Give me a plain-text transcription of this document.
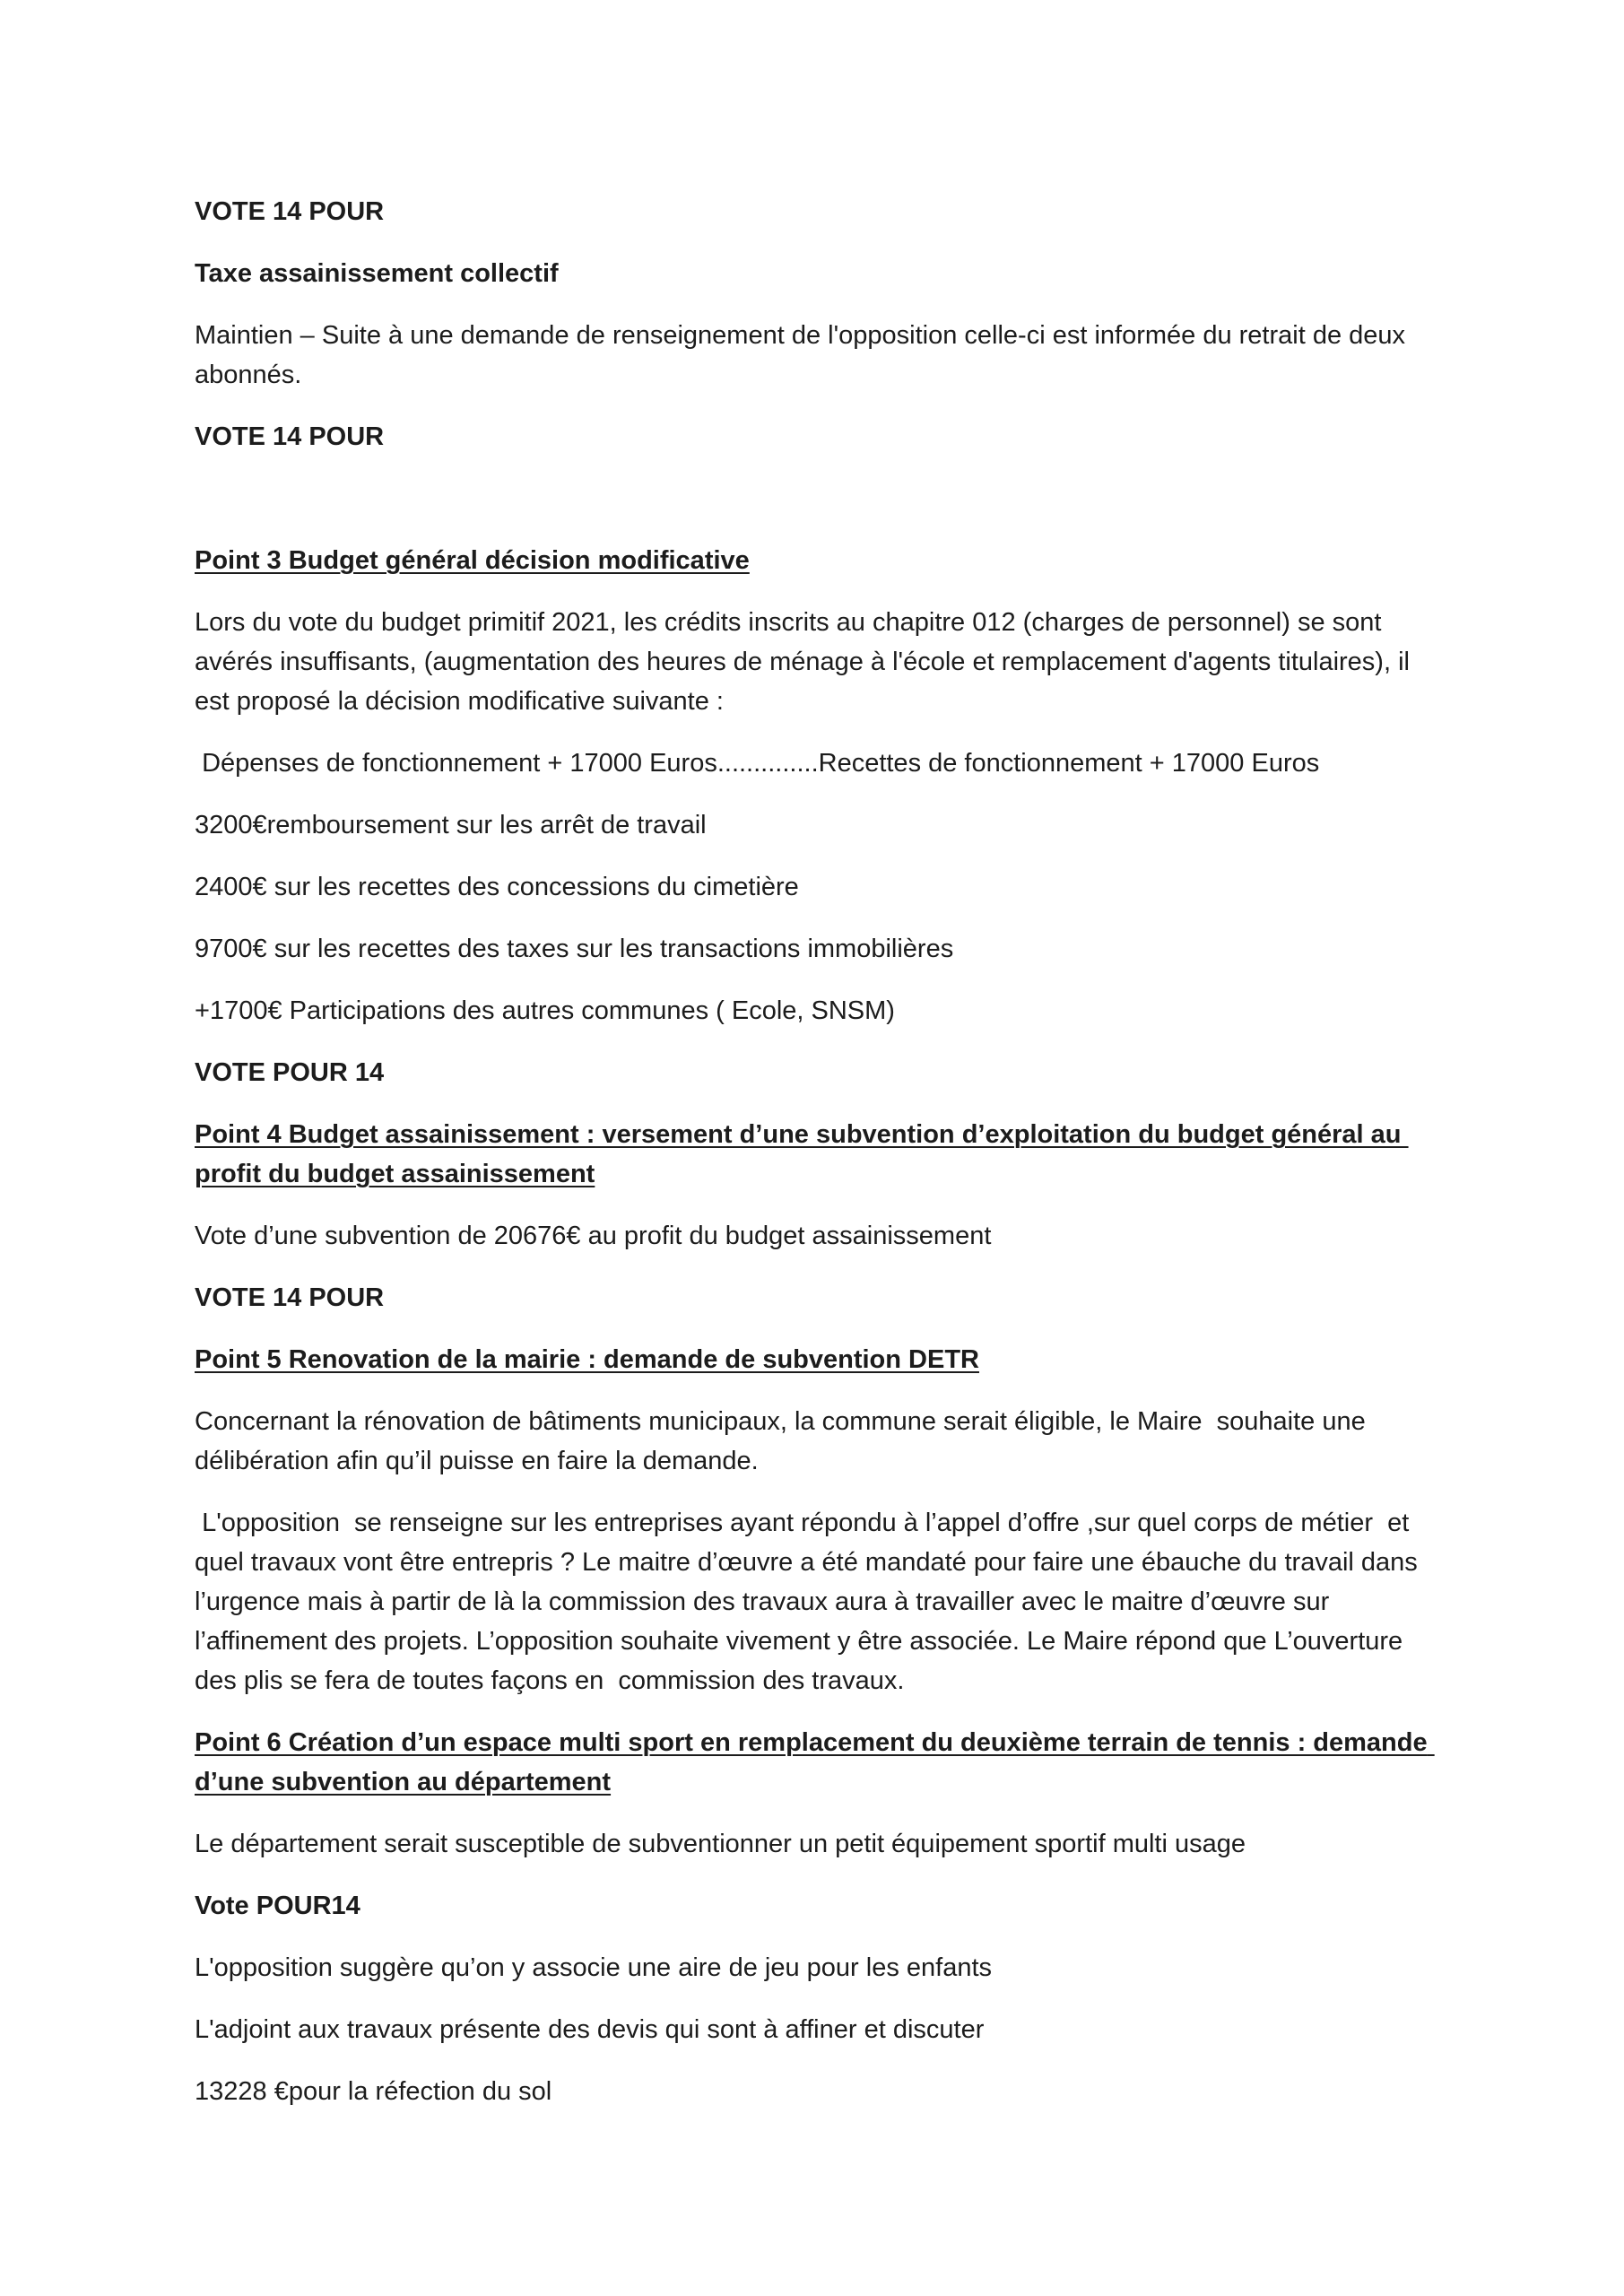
VOTE 14 POUR

Taxe assainissement collectif

Maintien – Suite à une demande de renseignement de l'opposition celle-ci est informée du retrait de deux abonnés.

VOTE 14 POUR

Point 3 Budget général décision modificative

Lors du vote du budget primitif 2021, les crédits inscrits au chapitre 012 (charges de personnel) se sont avérés insuffisants, (augmentation des heures de ménage à l'école et remplacement d'agents titulaires), il est proposé la décision modificative suivante :

Dépenses de fonctionnement + 17000 Euros..............Recettes de fonctionnement + 17000 Euros

3200€remboursement sur les arrêt de travail

2400€ sur les recettes des concessions du cimetière

9700€ sur les recettes des taxes sur les transactions immobilières

+1700€ Participations des autres communes ( Ecole, SNSM)

VOTE POUR 14

Point 4 Budget assainissement : versement d’une subvention d’exploitation du budget général au profit du budget assainissement

Vote d’une subvention de 20676€ au profit du budget assainissement

VOTE 14 POUR

Point 5 Renovation de la mairie : demande de subvention DETR

Concernant la rénovation de bâtiments municipaux, la commune serait éligible, le Maire  souhaite une délibération afin qu’il puisse en faire la demande.

L'opposition  se renseigne sur les entreprises ayant répondu à l’appel d’offre ,sur quel corps de métier  et quel travaux vont être entrepris ? Le maitre d’œuvre a été mandaté pour faire une ébauche du travail dans l’urgence mais à partir de là la commission des travaux aura à travailler avec le maitre d’œuvre sur l’affinement des projets. L’opposition souhaite vivement y être associée. Le Maire répond que L’ouverture des plis se fera de toutes façons en  commission des travaux.

Point 6 Création d’un espace multi sport en remplacement du deuxième terrain de tennis : demande d’une subvention au département

Le département serait susceptible de subventionner un petit équipement sportif multi usage

Vote POUR14

L'opposition suggère qu’on y associe une aire de jeu pour les enfants

L'adjoint aux travaux présente des devis qui sont à affiner et discuter

13228 €pour la réfection du sol
